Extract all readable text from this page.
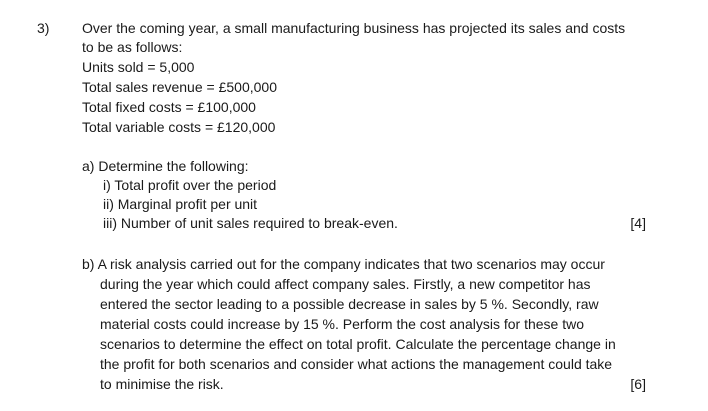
3) Over the coming year, a small manufacturing business has projected its sales and costs
to be as follows:
Units sold = 5,000
Total sales revenue = £500,000
Total fixed costs = £100,000
Total variable costs = £120,000
a) Determine the following:
i) Total profit over the period
ii) Marginal profit per unit
iii) Number of unit sales required to break-even.	[4]
b) A risk analysis carried out for the company indicates that two scenarios may occur
during the year which could affect company sales. Firstly, a new competitor has
entered the sector leading to a possible decrease in sales by 5 %. Secondly, raw
material costs could increase by 15 %. Perform the cost analysis for these two
scenarios to determine the effect on total profit. Calculate the percentage change in
the profit for both scenarios and consider what actions the management could take
to minimise the risk.	[6]
